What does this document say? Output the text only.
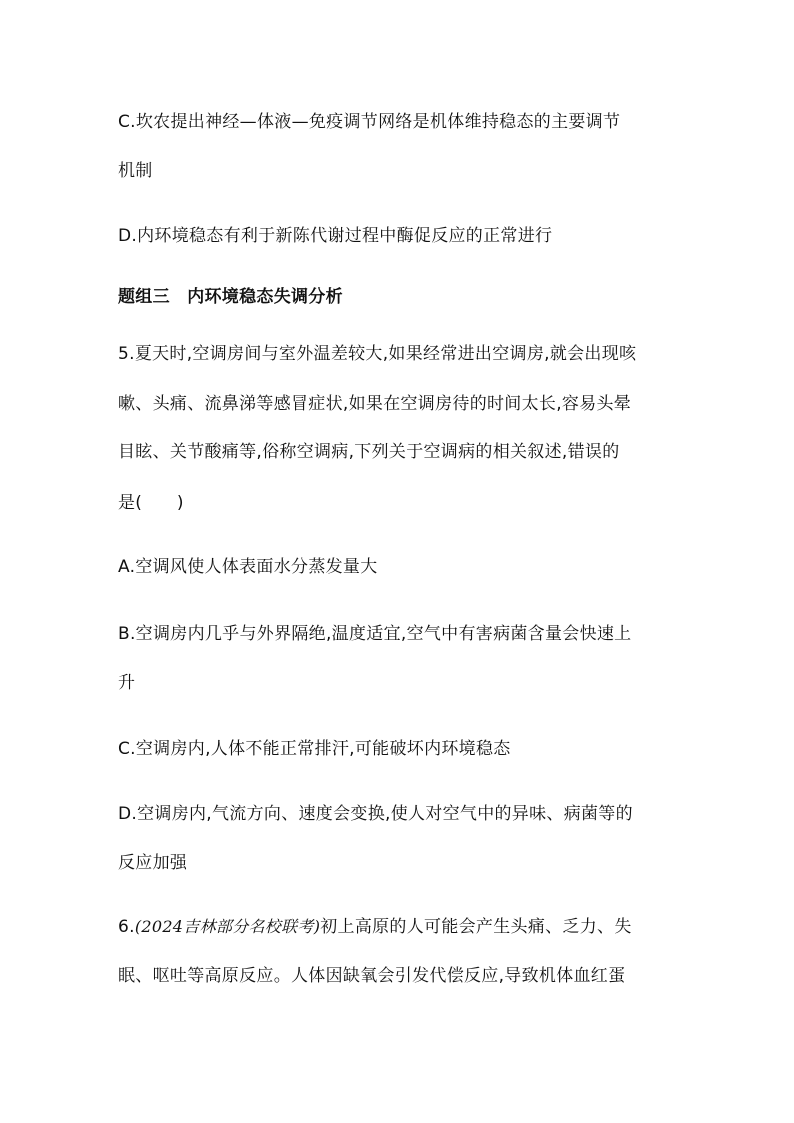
C.坎农提出神经—体液—免疫调节网络是机体维持稳态的主要调节
机制
D.内环境稳态有利于新陈代谢过程中酶促反应的正常进行
题组三　内环境稳态失调分析
5.夏天时,空调房间与室外温差较大,如果经常进出空调房,就会出现咳
嗽、头痛、流鼻涕等感冒症状,如果在空调房待的时间太长,容易头晕
目眩、关节酸痛等,俗称空调病,下列关于空调病的相关叙述,错误的
是(　　)
A.空调风使人体表面水分蒸发量大
B.空调房内几乎与外界隔绝,温度适宜,空气中有害病菌含量会快速上
升
C.空调房内,人体不能正常排汗,可能破坏内环境稳态
D.空调房内,气流方向、速度会变换,使人对空气中的异味、病菌等的
反应加强
6.(2024吉林部分名校联考)初上高原的人可能会产生头痛、乏力、失
眠、呕吐等高原反应。人体因缺氧会引发代偿反应,导致机体血红蛋
